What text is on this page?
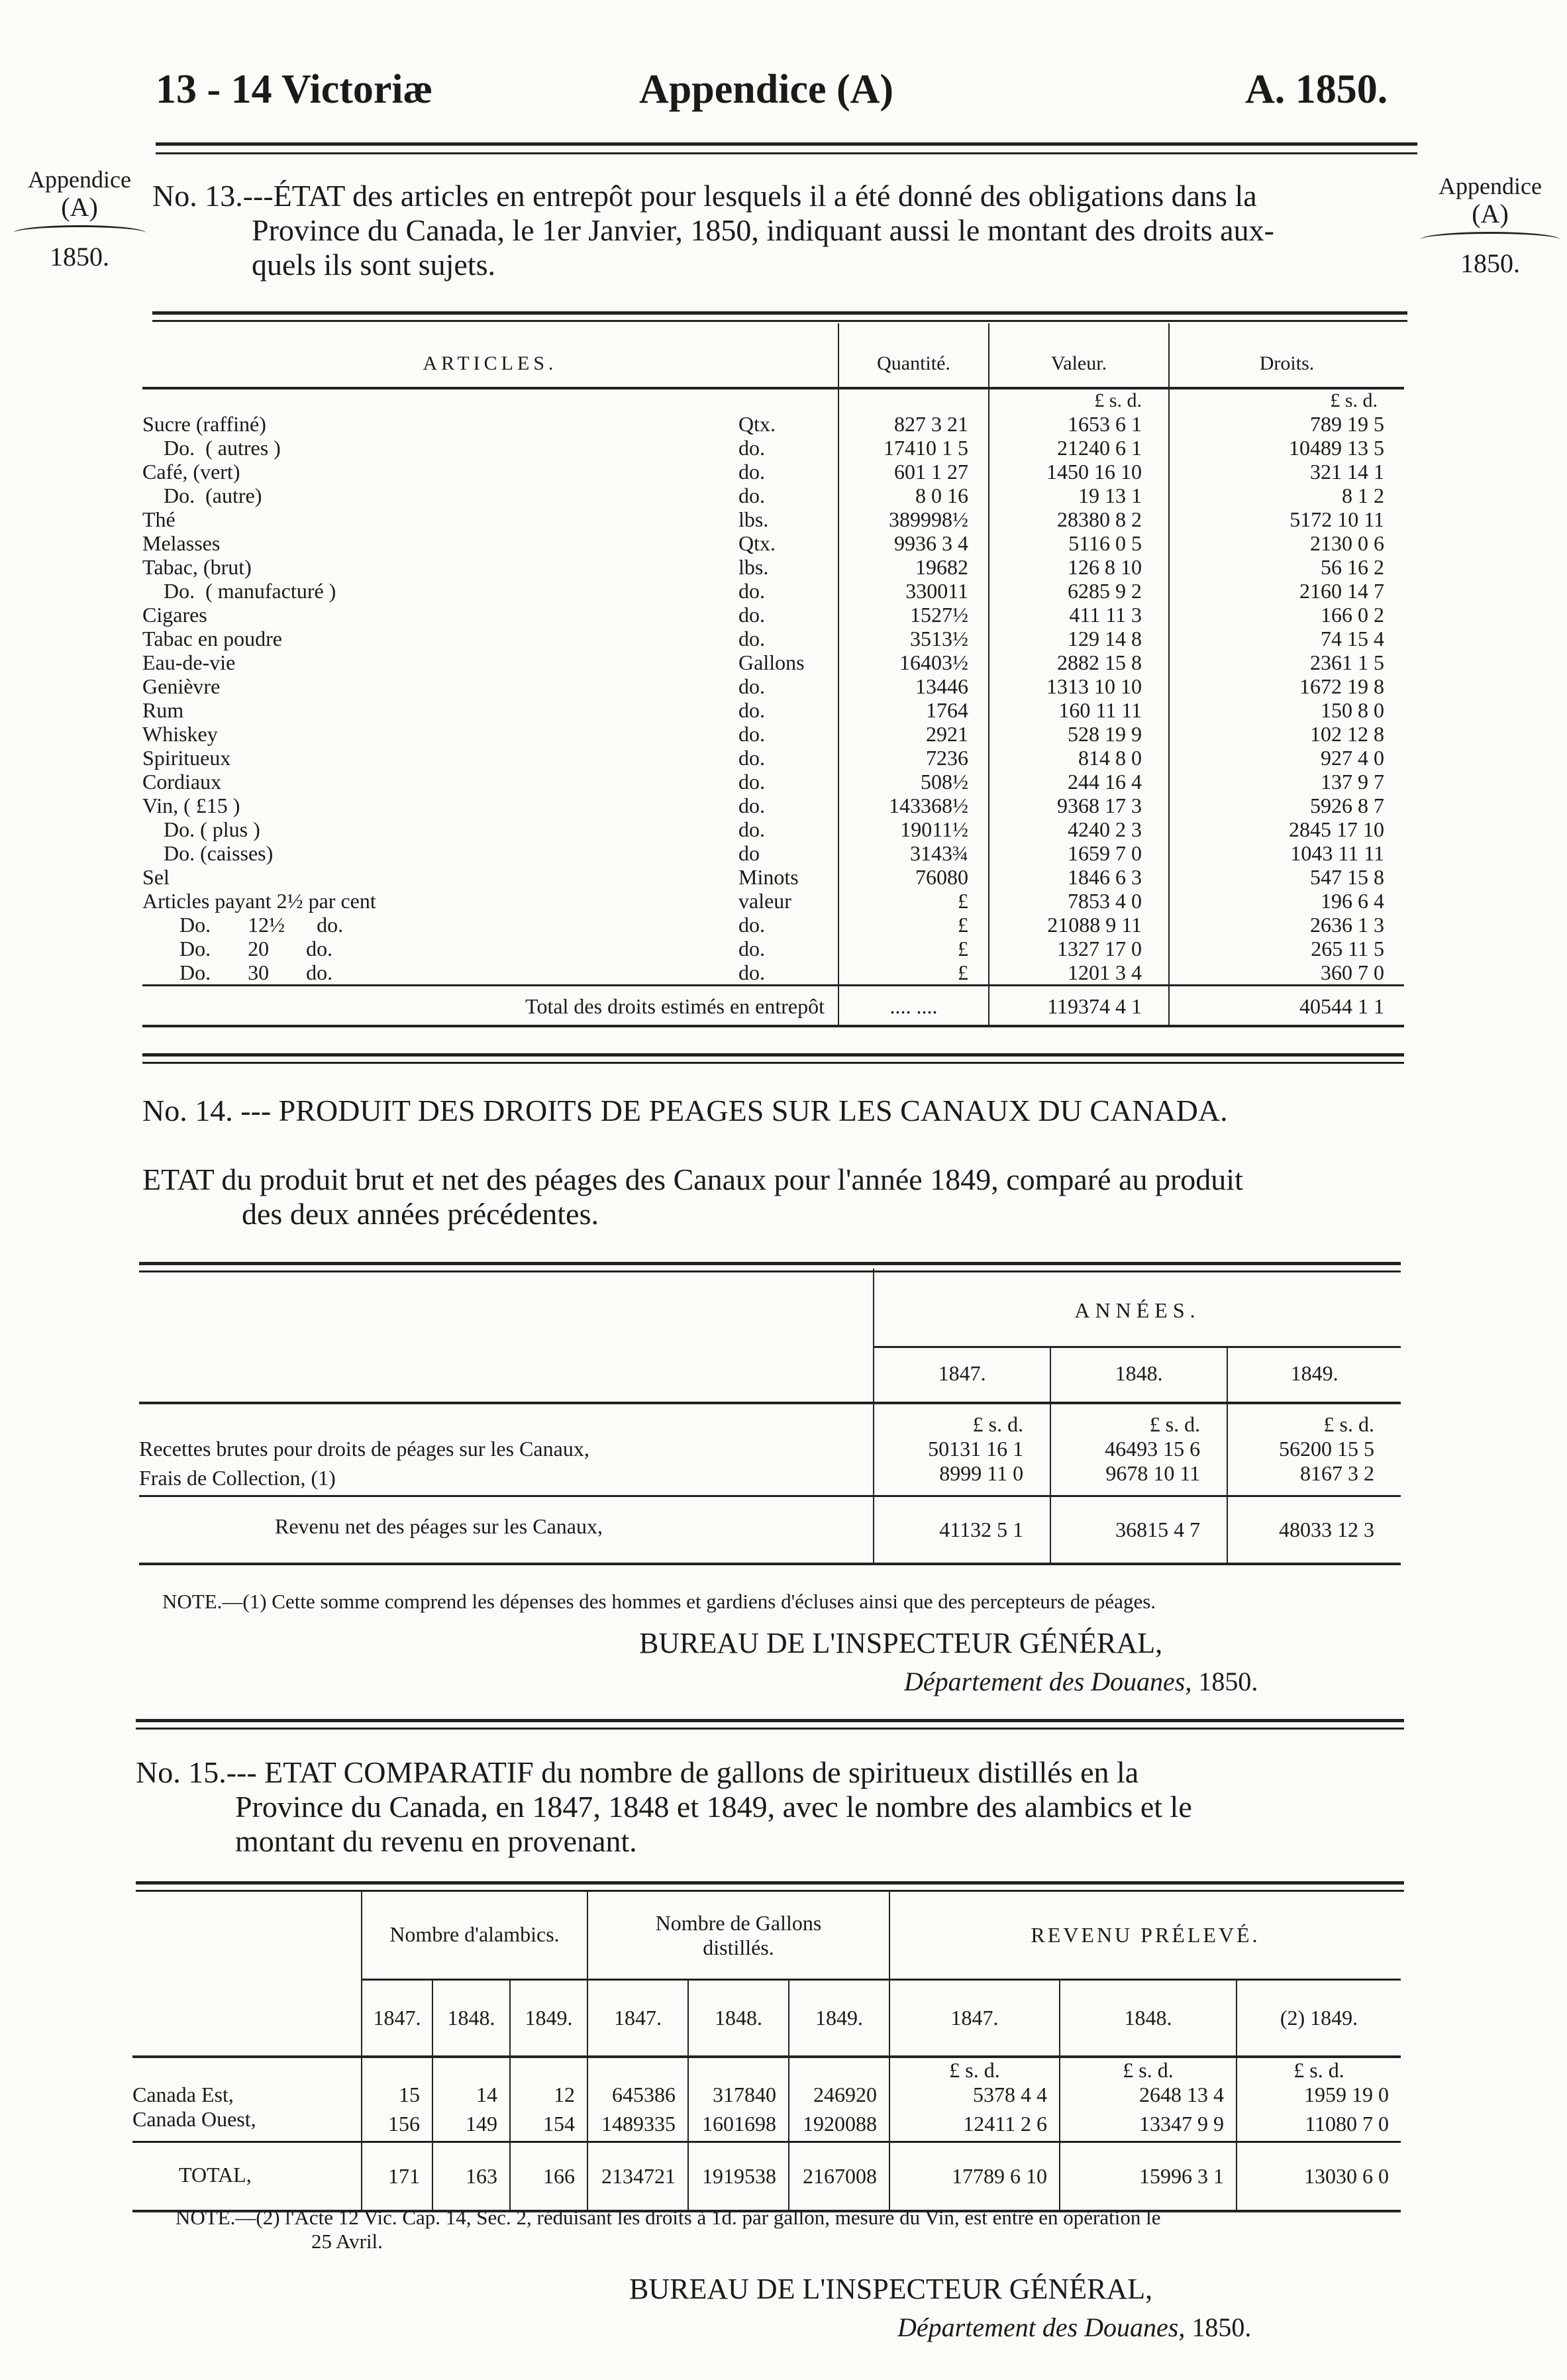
13 - 14 Victoriæ	Appendice (A)	A. 1850.
Appendice
(A)
1850.
Appendice
(A)
1850.
No. 13.---ÉTAT des articles en entrepôt pour lesquels il a été donné des obligations dans la
Province du Canada, le 1er Janvier, 1850, indiquant aussi le montant des droits aux-
quels ils sont sujets.
ARTICLES.		Quantité.	Valeur.	Droits.
			£ s. d.	£ s. d.
Sucre (raffiné)	Qtx.	827 3 21	1653 6 1	789 19 5
Do.  ( autres )	do.	17410 1 5	21240 6 1	10489 13 5
Café, (vert)	do.	601 1 27	1450 16 10	321 14 1
Do.  (autre)	do.	8 0 16	19 13 1	8 1 2
Thé	lbs.	389998½	28380 8 2	5172 10 11
Melasses	Qtx.	9936 3 4	5116 0 5	2130 0 6
Tabac, (brut)	lbs.	19682	126 8 10	56 16 2
Do.  ( manufacturé )	do.	330011	6285 9 2	2160 14 7
Cigares	do.	1527½	411 11 3	166 0 2
Tabac en poudre	do.	3513½	129 14 8	74 15 4
Eau-de-vie	Gallons	16403½	2882 15 8	2361 1 5
Genièvre	do.	13446	1313 10 10	1672 19 8
Rum	do.	1764	160 11 11	150 8 0
Whiskey	do.	2921	528 19 9	102 12 8
Spiritueux	do.	7236	814 8 0	927 4 0
Cordiaux	do.	508½	244 16 4	137 9 7
Vin, ( £15 )	do.	143368½	9368 17 3	5926 8 7
Do. ( plus )	do.	19011½	4240 2 3	2845 17 10
Do. (caisses)	do	3143¾	1659 7 0	1043 11 11
Sel	Minots	76080	1846 6 3	547 15 8
Articles payant 2½ par cent	valeur	£	7853 4 0	196 6 4
Do.       12½      do.	do.	£	21088 9 11	2636 1 3
Do.       20       do.	do.	£	1327 17 0	265 11 5
Do.       30       do.	do.	£	1201 3 4	360 7 0
Total des droits estimés en entrepôt		.... ....	119374 4 1	40544 1 1
No. 14. --- PRODUIT DES DROITS DE PEAGES SUR LES CANAUX DU CANADA.
ETAT du produit brut et net des péages des Canaux pour l'année 1849, comparé au produit
des deux années précédentes.
	ANNÉES.		
	1847.	1848.	1849.
	£ s. d.	£ s. d.	£ s. d.
Recettes brutes pour droits de péages sur les Canaux,	50131 16 1	46493 15 6	56200 15 5
Frais de Collection, (1)	8999 11 0	9678 10 11	8167 3 2
Revenu net des péages sur les Canaux,	41132 5 1	36815 4 7	48033 12 3
NOTE.—(1) Cette somme comprend les dépenses des hommes et gardiens d'écluses ainsi que des percepteurs de péages.
BUREAU DE L'INSPECTEUR GÉNÉRAL,
Département des Douanes, 1850.
No. 15.--- ETAT COMPARATIF du nombre de gallons de spiritueux distillés en la
Province du Canada, en 1847, 1848 et 1849, avec le nombre des alambics et le
montant du revenu en provenant.
	Nombre d'alambics.			Nombre de Gallons distillés.			REVENU PRÉLEVÉ.		
	1847.	1848.	1849.	1847.	1848.	1849.	1847.	1848.	(2) 1849.
							£ s. d.	£ s. d.	£ s. d.
Canada Est,	15	14	12	645386	317840	246920	5378 4 4	2648 13 4	1959 19 0
Canada Ouest,	156	149	154	1489335	1601698	1920088	12411 2 6	13347 9 9	11080 7 0
TOTAL,	171	163	166	2134721	1919538	2167008	17789 6 10	15996 3 1	13030 6 0
NOTE.—(2) l'Acte 12 Vic. Cap. 14, Sec. 2, réduisant les droits à 1d. par gallon, mesure du Vin, est entré en opération le
25 Avril.
BUREAU DE L'INSPECTEUR GÉNÉRAL,
Département des Douanes, 1850.
